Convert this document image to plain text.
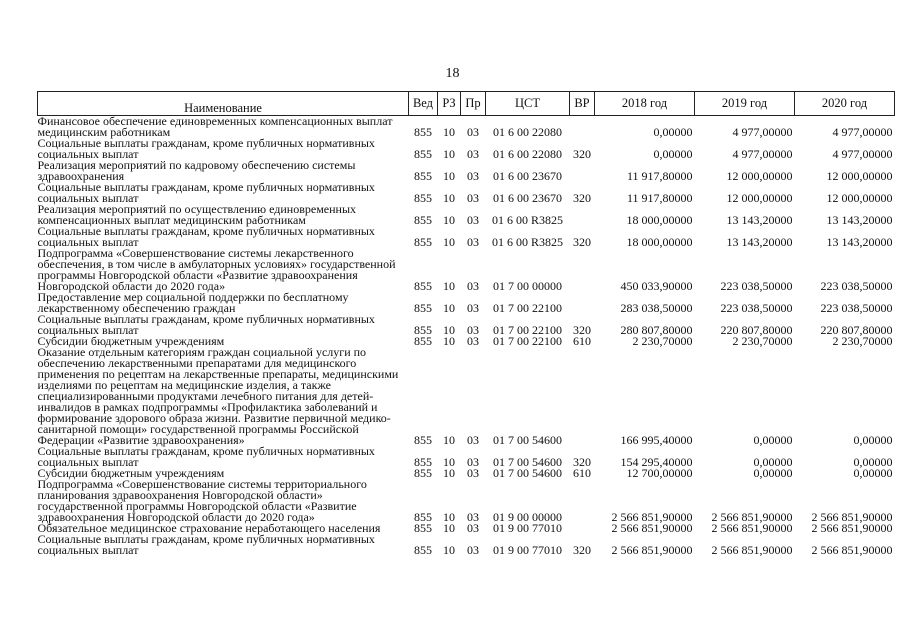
18
Наименование	Вед	РЗ	Пр	ЦСТ	ВР	2018 год	2019 год	2020 год
Финансовое обеспечение единовременных компенсационных выплат медицинским работникам	855	10	03	01 6 00 22080		0,00000	4 977,00000	4 977,00000
Социальные выплаты гражданам, кроме публичных нормативных социальных выплат	855	10	03	01 6 00 22080	320	0,00000	4 977,00000	4 977,00000
Реализация мероприятий по кадровому обеспечению системы здравоохранения	855	10	03	01 6 00 23670		11 917,80000	12 000,00000	12 000,00000
Социальные выплаты гражданам, кроме публичных нормативных социальных выплат	855	10	03	01 6 00 23670	320	11 917,80000	12 000,00000	12 000,00000
Реализация мероприятий по осуществлению единовременных компенсационных выплат медицинским работникам	855	10	03	01 6 00 R3825		18 000,00000	13 143,20000	13 143,20000
Социальные выплаты гражданам, кроме публичных нормативных социальных выплат	855	10	03	01 6 00 R3825	320	18 000,00000	13 143,20000	13 143,20000
Подпрограмма «Совершенствование системы лекарственного обеспечения, в том числе в амбулаторных условиях» государственной программы Новгородской области «Развитие здравоохранения Новгородской области до 2020 года»	855	10	03	01 7 00 00000		450 033,90000	223 038,50000	223 038,50000
Предоставление мер социальной поддержки по бесплатному лекарственному обеспечению граждан	855	10	03	01 7 00 22100		283 038,50000	223 038,50000	223 038,50000
Социальные выплаты гражданам, кроме публичных нормативных социальных выплат	855	10	03	01 7 00 22100	320	280 807,80000	220 807,80000	220 807,80000
Субсидии бюджетным учреждениям	855	10	03	01 7 00 22100	610	2 230,70000	2 230,70000	2 230,70000
Оказание отдельным категориям граждан социальной услуги по обеспечению лекарственными препаратами для медицинского применения по рецептам на лекарственные препараты, медицинскими изделиями по рецептам на медицинские изделия, а также специализированными продуктами лечебного питания для детей-инвалидов в рамках подпрограммы «Профилактика заболеваний и формирование здорового образа жизни. Развитие первичной медико-санитарной помощи» государственной программы Российской Федерации «Развитие здравоохранения»	855	10	03	01 7 00 54600		166 995,40000	0,00000	0,00000
Социальные выплаты гражданам, кроме публичных нормативных социальных выплат	855	10	03	01 7 00 54600	320	154 295,40000	0,00000	0,00000
Субсидии бюджетным учреждениям	855	10	03	01 7 00 54600	610	12 700,00000	0,00000	0,00000
Подпрограмма «Совершенствование системы территориального планирования здравоохранения Новгородской области» государственной программы Новгородской области «Развитие здравоохранения Новгородской области до 2020 года»	855	10	03	01 9 00 00000		2 566 851,90000	2 566 851,90000	2 566 851,90000
Обязательное медицинское страхование неработающего населения	855	10	03	01 9 00 77010		2 566 851,90000	2 566 851,90000	2 566 851,90000
Социальные выплаты гражданам, кроме публичных нормативных социальных выплат	855	10	03	01 9 00 77010	320	2 566 851,90000	2 566 851,90000	2 566 851,90000
